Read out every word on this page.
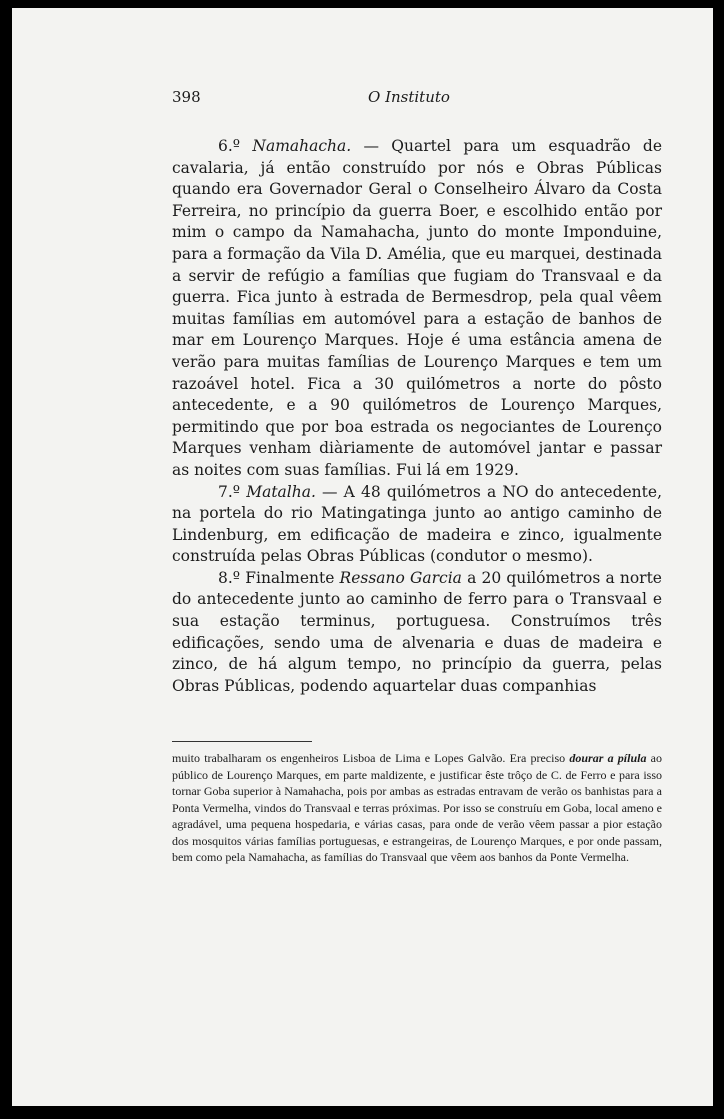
398	O Instituto

6.º Namahacha. — Quartel para um esquadrão de cavalaria, já então construído por nós e Obras Públicas quando era Governador Geral o Conselheiro Álvaro da Costa Ferreira, no princípio da guerra Boer, e escolhido então por mim o campo da Namahacha, junto do monte Imponduine, para a formação da Vila D. Amélia, que eu marquei, destinada a servir de refúgio a famílias que fugiam do Transvaal e da guerra. Fica junto à estrada de Bermesdrop, pela qual vêem muitas famílias em automóvel para a estação de banhos de mar em Lourenço Marques. Hoje é uma estância amena de verão para muitas famílias de Lourenço Marques e tem um razoável hotel. Fica a 30 quilómetros a norte do pôsto antecedente, e a 90 quilómetros de Lourenço Marques, permitindo que por boa estrada os negociantes de Lourenço Marques venham diàriamente de automóvel jantar e passar as noites com suas famílias. Fui lá em 1929.

7.º Matalha. — A 48 quilómetros a NO do antecedente, na portela do rio Matingatinga junto ao antigo caminho de Lindenburg, em edificação de madeira e zinco, igualmente construída pelas Obras Públicas (condutor o mesmo).

8.º Finalmente Ressano Garcia a 20 quilómetros a norte do antecedente junto ao caminho de ferro para o Transvaal e sua estação terminus, portuguesa. Construímos três edificações, sendo uma de alvenaria e duas de madeira e zinco, de há algum tempo, no princípio da guerra, pelas Obras Públicas, podendo aquartelar duas companhias

muito trabalharam os engenheiros Lisboa de Lima e Lopes Galvão. Era preciso dourar a pílula ao público de Lourenço Marques, em parte maldizente, e justificar êste trôço de C. de Ferro e para isso tornar Goba superior à Namahacha, pois por ambas as estradas entravam de verão os banhistas para a Ponta Vermelha, vindos do Transvaal e terras próximas. Por isso se construíu em Goba, local ameno e agradável, uma pequena hospedaria, e várias casas, para onde de verão vêem passar a pior estação dos mosquitos várias famílias portuguesas, e estrangeiras, de Lourenço Marques, e por onde passam, bem como pela Namahacha, as famílias do Transvaal que vêem aos banhos da Ponte Vermelha.
